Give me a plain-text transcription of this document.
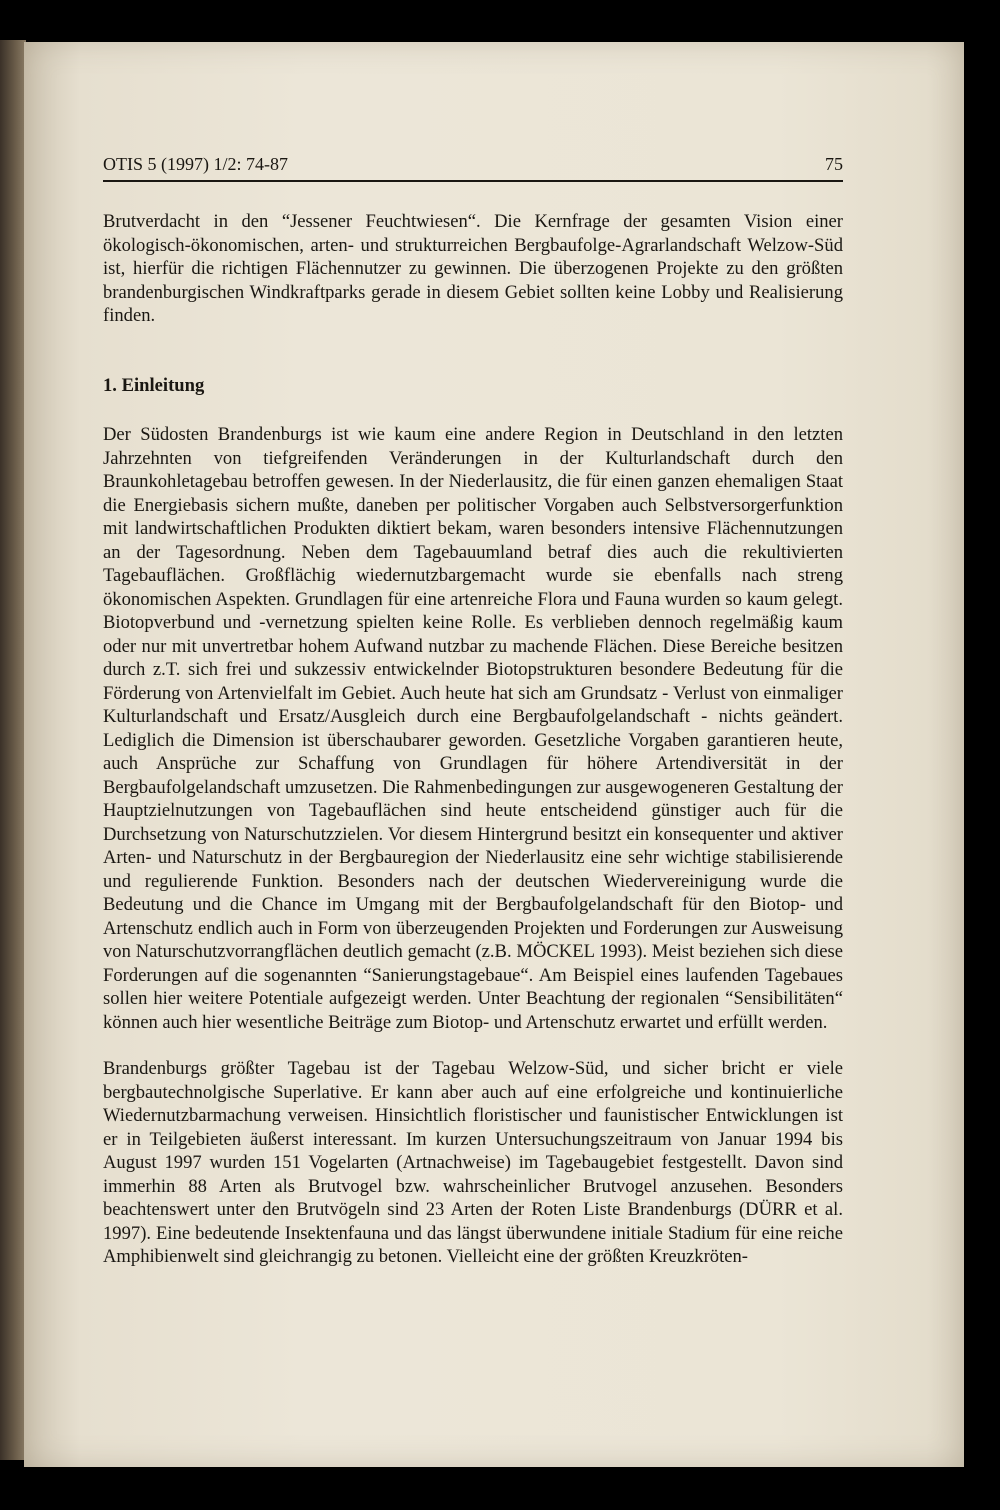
OTIS 5 (1997) 1/2: 74-87	75

Brutverdacht in den “Jessener Feuchtwiesen“. Die Kernfrage der gesamten Vision einer ökologisch-ökonomischen, arten- und strukturreichen Bergbaufolge-Agrarlandschaft Welzow-Süd ist, hierfür die richtigen Flächennutzer zu gewinnen. Die überzogenen Projekte zu den größten brandenburgischen Windkraftparks gerade in diesem Gebiet sollten keine Lobby und Realisierung finden.

1. Einleitung

Der Südosten Brandenburgs ist wie kaum eine andere Region in Deutschland in den letzten Jahrzehnten von tiefgreifenden Veränderungen in der Kulturlandschaft durch den Braunkohletagebau betroffen gewesen. In der Niederlausitz, die für einen ganzen ehemaligen Staat die Energiebasis sichern mußte, daneben per politischer Vorgaben auch Selbstversorgerfunktion mit landwirtschaftlichen Produkten diktiert bekam, waren besonders intensive Flächennutzungen an der Tagesordnung. Neben dem Tagebauumland betraf dies auch die rekultivierten Tagebauflächen. Großflächig wiedernutzbargemacht wurde sie ebenfalls nach streng ökonomischen Aspekten. Grundlagen für eine artenreiche Flora und Fauna wurden so kaum gelegt. Biotopverbund und -vernetzung spielten keine Rolle. Es verblieben dennoch regelmäßig kaum oder nur mit unvertretbar hohem Aufwand nutzbar zu machende Flächen. Diese Bereiche besitzen durch z.T. sich frei und sukzessiv entwickelnder Biotopstrukturen besondere Bedeutung für die Förderung von Artenvielfalt im Gebiet. Auch heute hat sich am Grundsatz - Verlust von einmaliger Kulturlandschaft und Ersatz/Ausgleich durch eine Bergbaufolgelandschaft - nichts geändert. Lediglich die Dimension ist überschaubarer geworden. Gesetzliche Vorgaben garantieren heute, auch Ansprüche zur Schaffung von Grundlagen für höhere Artendiversität in der Bergbaufolgelandschaft umzusetzen. Die Rahmenbedingungen zur ausgewogeneren Gestaltung der Hauptzielnutzungen von Tagebauflächen sind heute entscheidend günstiger auch für die Durchsetzung von Naturschutzzielen. Vor diesem Hintergrund besitzt ein konsequenter und aktiver Arten- und Naturschutz in der Bergbauregion der Niederlausitz eine sehr wichtige stabilisierende und regulierende Funktion. Besonders nach der deutschen Wiedervereinigung wurde die Bedeutung und die Chance im Umgang mit der Bergbaufolgelandschaft für den Biotop- und Artenschutz endlich auch in Form von überzeugenden Projekten und Forderungen zur Ausweisung von Naturschutzvorrangflächen deutlich gemacht (z.B. MÖCKEL 1993). Meist beziehen sich diese Forderungen auf die sogenannten “Sanierungstagebaue“. Am Beispiel eines laufenden Tagebaues sollen hier weitere Potentiale aufgezeigt werden. Unter Beachtung der regionalen “Sensibilitäten“ können auch hier wesentliche Beiträge zum Biotop- und Artenschutz erwartet und erfüllt werden.

Brandenburgs größter Tagebau ist der Tagebau Welzow-Süd, und sicher bricht er viele bergbautechnolgische Superlative. Er kann aber auch auf eine erfolgreiche und kontinuierliche Wiedernutzbarmachung verweisen. Hinsichtlich floristischer und faunistischer Entwicklungen ist er in Teilgebieten äußerst interessant. Im kurzen Untersuchungszeitraum von Januar 1994 bis August 1997 wurden 151 Vogelarten (Artnachweise) im Tagebaugebiet festgestellt. Davon sind immerhin 88 Arten als Brutvogel bzw. wahrscheinlicher Brutvogel anzusehen. Besonders beachtenswert unter den Brutvögeln sind 23 Arten der Roten Liste Brandenburgs (DÜRR et al. 1997). Eine bedeutende Insektenfauna und das längst überwundene initiale Stadium für eine reiche Amphibienwelt sind gleichrangig zu betonen. Vielleicht eine der größten Kreuzkröten-
